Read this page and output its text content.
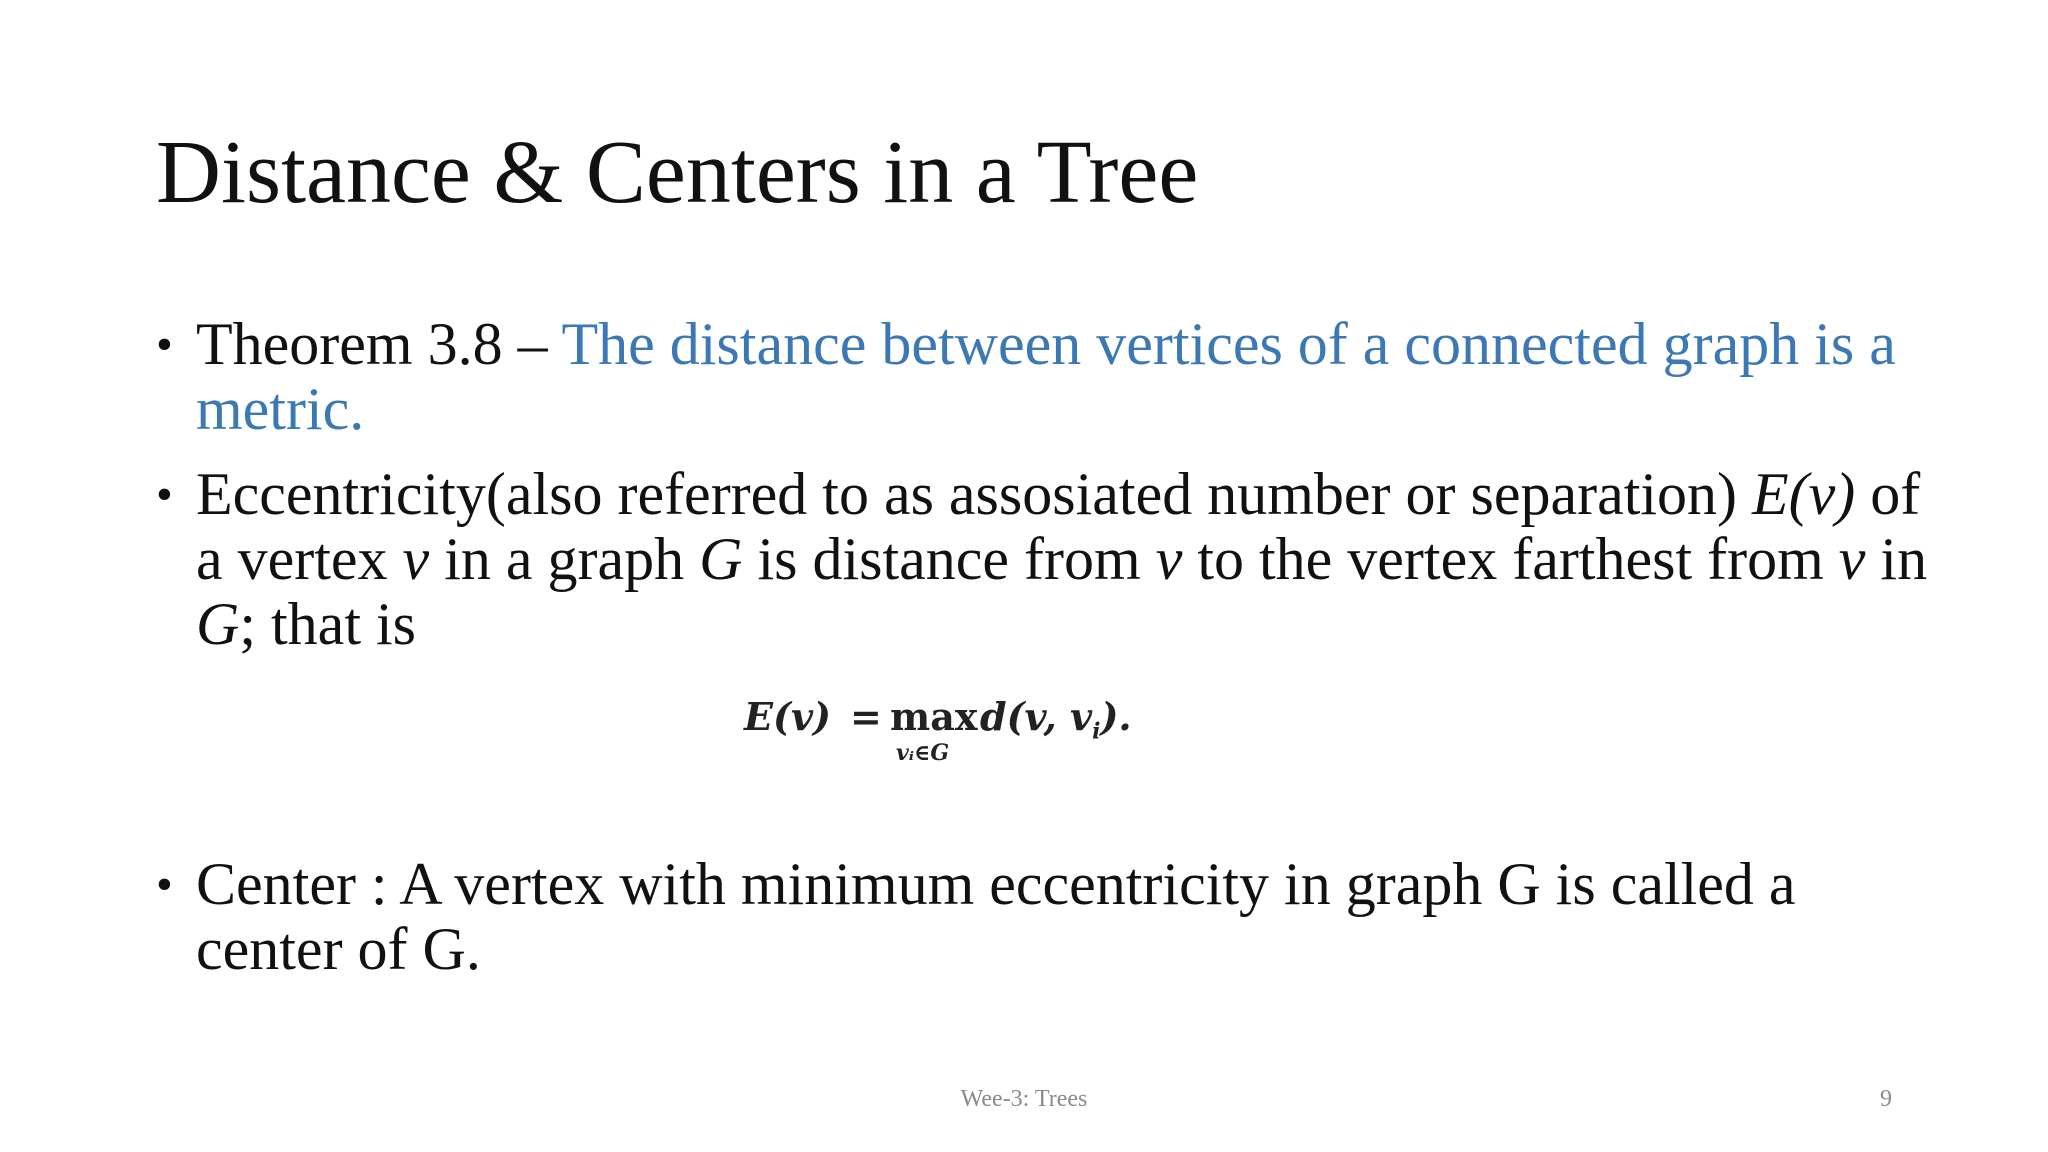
Distance & Centers in a Tree

• Theorem 3.8 – The distance between vertices of a connected graph is a metric.

• Eccentricity(also referred to as assosiated number or separation) E(v) of a vertex v in a graph G is distance from v to the vertex farthest from v in G; that is

E(v) = max
vᵢ∈G
d(v, $v_i$).

• Center : A vertex with minimum eccentricity in graph G is called a center of G.

Wee-3: Trees	9
